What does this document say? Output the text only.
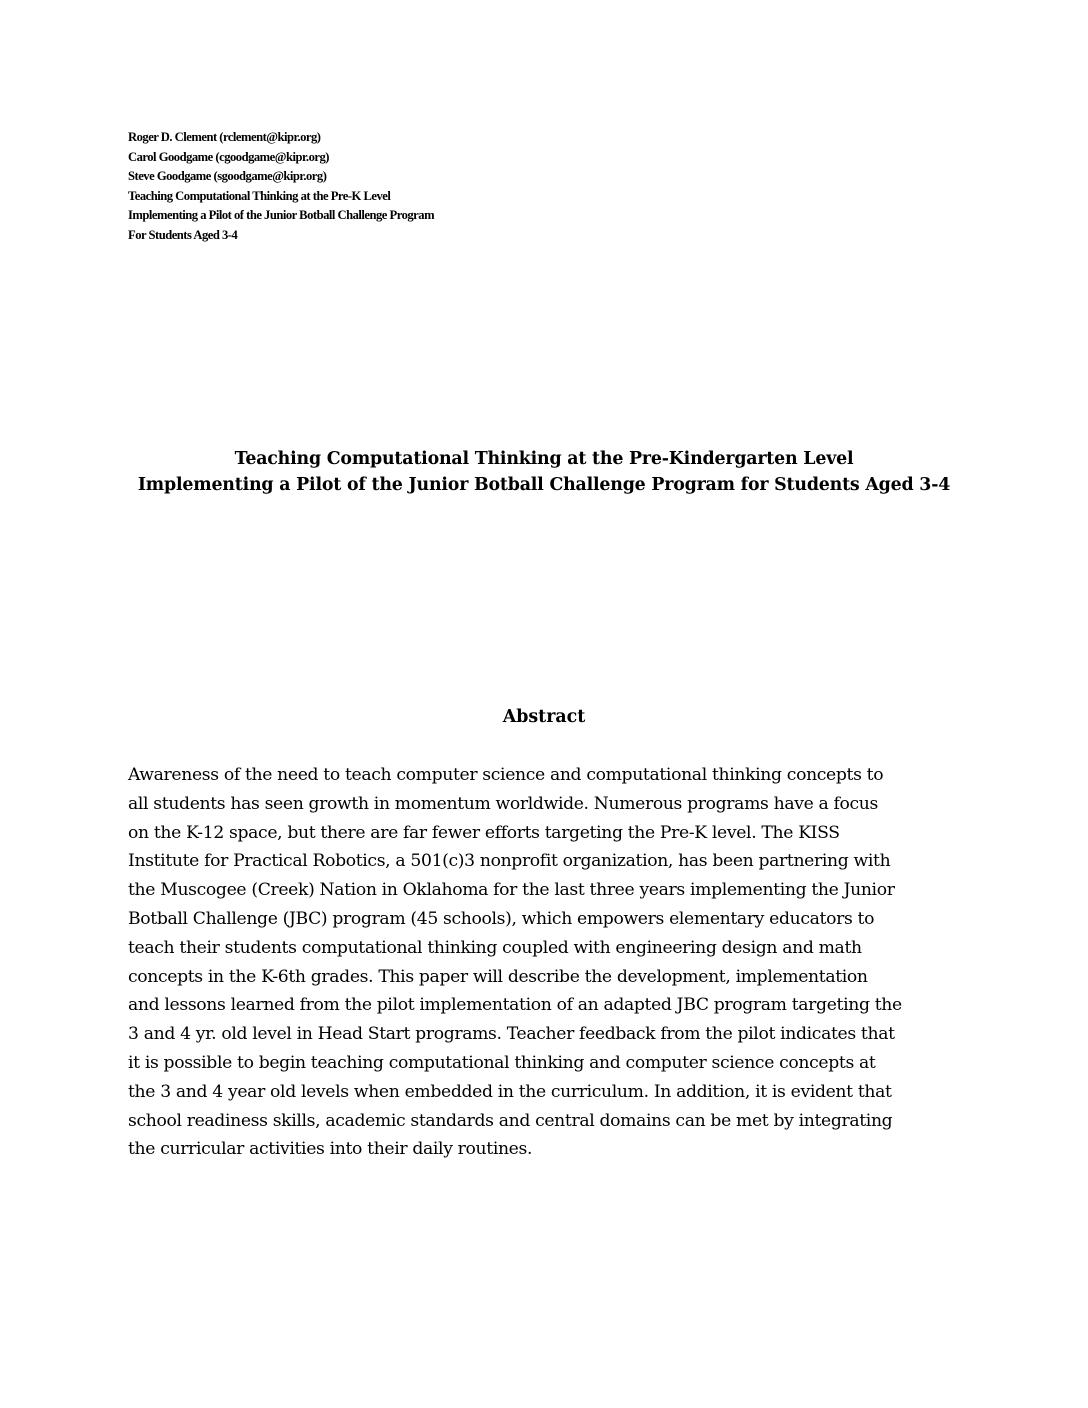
Roger D. Clement (rclement@kipr.org)
Carol Goodgame (cgoodgame@kipr.org)
Steve Goodgame (sgoodgame@kipr.org)
Teaching Computational Thinking at the Pre-K Level
Implementing a Pilot of the Junior Botball Challenge Program
For Students Aged 3-4
Teaching Computational Thinking at the Pre-Kindergarten Level
Implementing a Pilot of the Junior Botball Challenge Program for Students Aged 3-4
Abstract
Awareness of the need to teach computer science and computational thinking concepts to
all students has seen growth in momentum worldwide. Numerous programs have a focus
on the K-12 space, but there are far fewer efforts targeting the Pre-K level. The KISS
Institute for Practical Robotics, a 501(c)3 nonprofit organization, has been partnering with
the Muscogee (Creek) Nation in Oklahoma for the last three years implementing the Junior
Botball Challenge (JBC) program (45 schools), which empowers elementary educators to
teach their students computational thinking coupled with engineering design and math
concepts in the K-6th grades. This paper will describe the development, implementation
and lessons learned from the pilot implementation of an adapted JBC program targeting the
3 and 4 yr. old level in Head Start programs. Teacher feedback from the pilot indicates that
it is possible to begin teaching computational thinking and computer science concepts at
the 3 and 4 year old levels when embedded in the curriculum. In addition, it is evident that
school readiness skills, academic standards and central domains can be met by integrating
the curricular activities into their daily routines.
